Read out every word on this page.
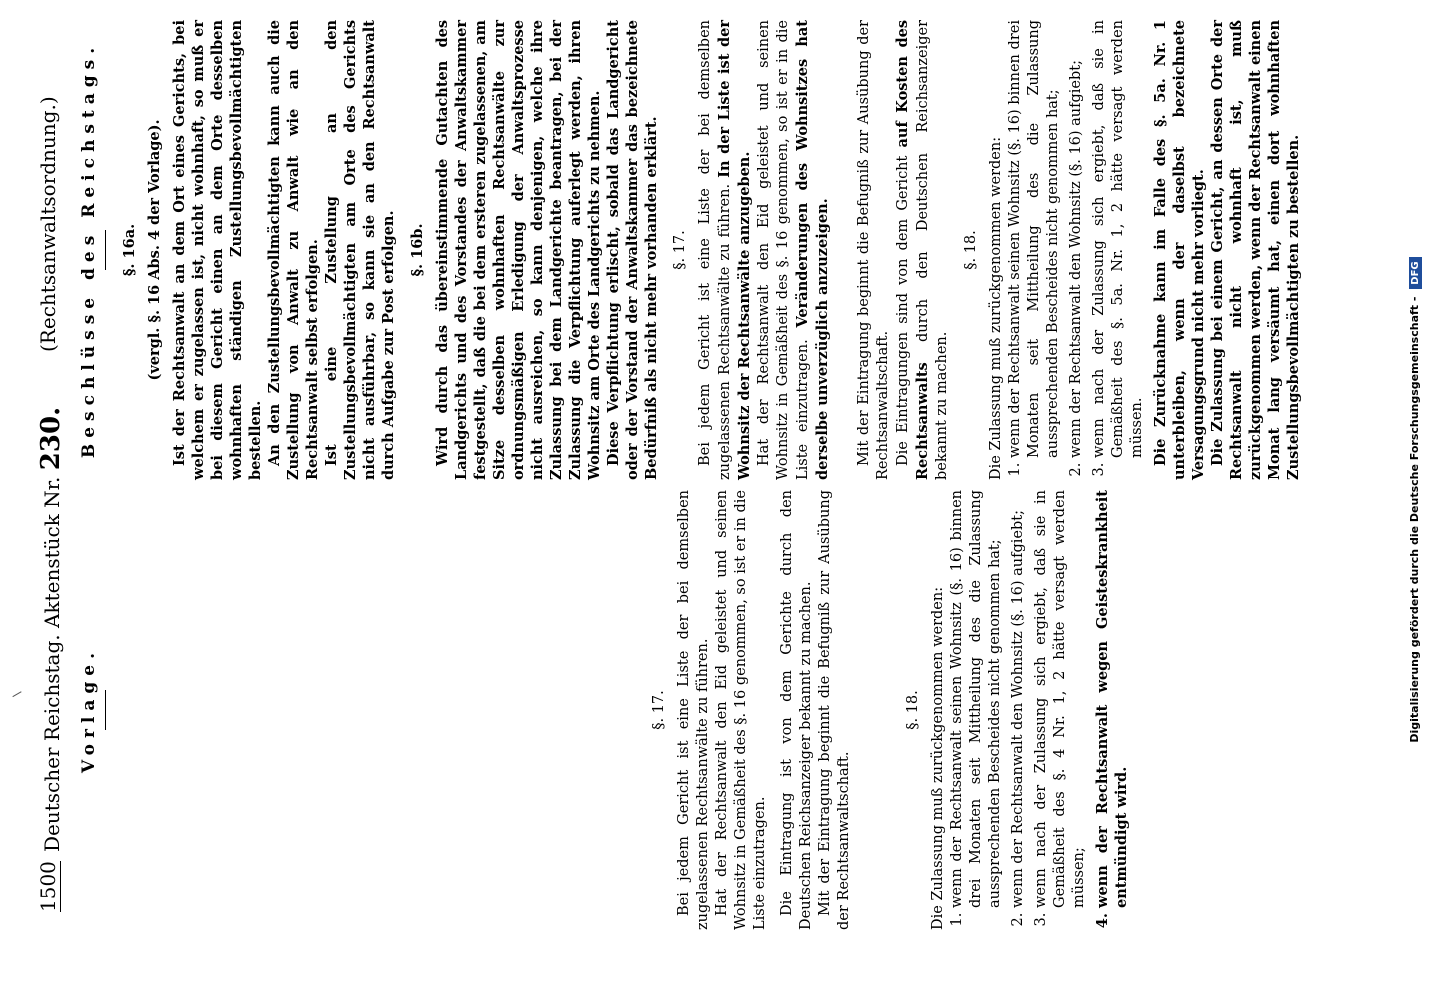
1500
Deutscher Reichstag. Aktenstück Nr. 230.
(Rechtsanwaltsordnung.)
Vorlage.	§. 17. Bei jedem Gericht ist eine Liste der bei demselben zugelassenen Rechtsanwälte zu führen. Hat der Rechtsanwalt den Eid geleistet und seinen Wohnsitz in Gemäßheit des §. 16 genommen, so ist er in die Liste einzutragen. Die Eintragung ist von dem Gerichte durch den Deutschen Reichsanzeiger bekannt zu machen. Mit der Eintragung beginnt die Befugniß zur Ausübung der Rechtsanwaltschaft.

§. 18. Die Zulassung muß zurückgenommen werden: 1. wenn der Rechtsanwalt seinen Wohnsitz (§. 16) binnen drei Monaten seit Mittheilung des die Zulassung aussprechenden Bescheides nicht genommen hat; 2. wenn der Rechtsanwalt den Wohnsitz (§. 16) aufgiebt; 3. wenn nach der Zulassung sich ergiebt, daß sie in Gemäßheit des §. 4 Nr. 1, 2 hätte versagt werden müssen; 4. wenn der Rechtsanwalt wegen Geisteskrankheit entmündigt wird.
Beschlüsse des Reichstags. §. 16a. (vergl. §. 16 Abs. 4 der Vorlage). Ist der Rechtsanwalt an dem Ort eines Gerichts, bei welchem er zugelassen ist, nicht wohnhaft, so muß er bei diesem Gericht einen an dem Orte desselben wohnhaften ständigen Zustellungsbevollmächtigten bestellen. An den Zustellungsbevollmächtigten kann auch die Zustellung von Anwalt zu Anwalt wie an den Rechtsanwalt selbst erfolgen. Ist eine Zustellung an den Zustellungsbevollmächtigten am Orte des Gerichts nicht ausführbar, so kann sie an den Rechtsanwalt durch Aufgabe zur Post erfolgen. §. 16b. Wird durch das übereinstimmende Gutachten des Landgerichts und des Vorstandes der Anwaltskammer festgestellt, daß die bei dem ersteren zugelassenen, am Sitze desselben wohnhaften Rechtsanwälte zur ordnungsmäßigen Erledigung der Anwaltsprozesse nicht ausreichen, so kann denjenigen, welche ihre Zulassung bei dem Landgerichte beantragen, bei der Zulassung die Verpflichtung auferlegt werden, ihren Wohnsitz am Orte des Landgerichts zu nehmen. Diese Verpflichtung erlischt, sobald das Landgericht oder der Vorstand der Anwaltskammer das bezeichnete Bedürfniß als nicht mehr vorhanden erklärt. §. 17. Bei jedem Gericht ist eine Liste der bei demselben zugelassenen Rechtsanwälte zu führen. In der Liste ist der Wohnsitz der Rechtsanwälte anzugeben. Hat der Rechtsanwalt den Eid geleistet und seinen Wohnsitz in Gemäßheit des §. 16 genommen, so ist er in die Liste einzutragen. Veränderungen des Wohnsitzes hat derselbe unverzüglich anzuzeigen. Mit der Eintragung beginnt die Befugniß zur Ausübung der Rechtsanwaltschaft. Die Eintragungen sind von dem Gericht auf Kosten des Rechtsanwalts durch den Deutschen Reichsanzeiger bekannt zu machen.

§. 18. Die Zulassung muß zurückgenommen werden: 1. wenn der Rechtsanwalt seinen Wohnsitz (§. 16) binnen drei Monaten seit Mittheilung des die Zulassung aussprechenden Bescheides nicht genommen hat; 2. wenn der Rechtsanwalt den Wohnsitz (§. 16) aufgiebt; 3. wenn nach der Zulassung sich ergiebt, daß sie in Gemäßheit des §. 5a. Nr. 1, 2 hätte versagt werden müssen. Die Zurücknahme kann im Falle des §. 5a. Nr. 1 unterbleiben, wenn der daselbst bezeichnete Versagungsgrund nicht mehr vorliegt. Die Zulassung bei einem Gericht, an dessen Orte der Rechtsanwalt nicht wohnhaft ist, muß zurückgenommen werden, wenn der Rechtsanwalt einen Monat lang versäumt hat, einen dort wohnhaften Zustellungsbevollmächtigten zu bestellen.	Digitalisierung gefördert durch die Deutsche Forschungsgemeinschaft - DFG
